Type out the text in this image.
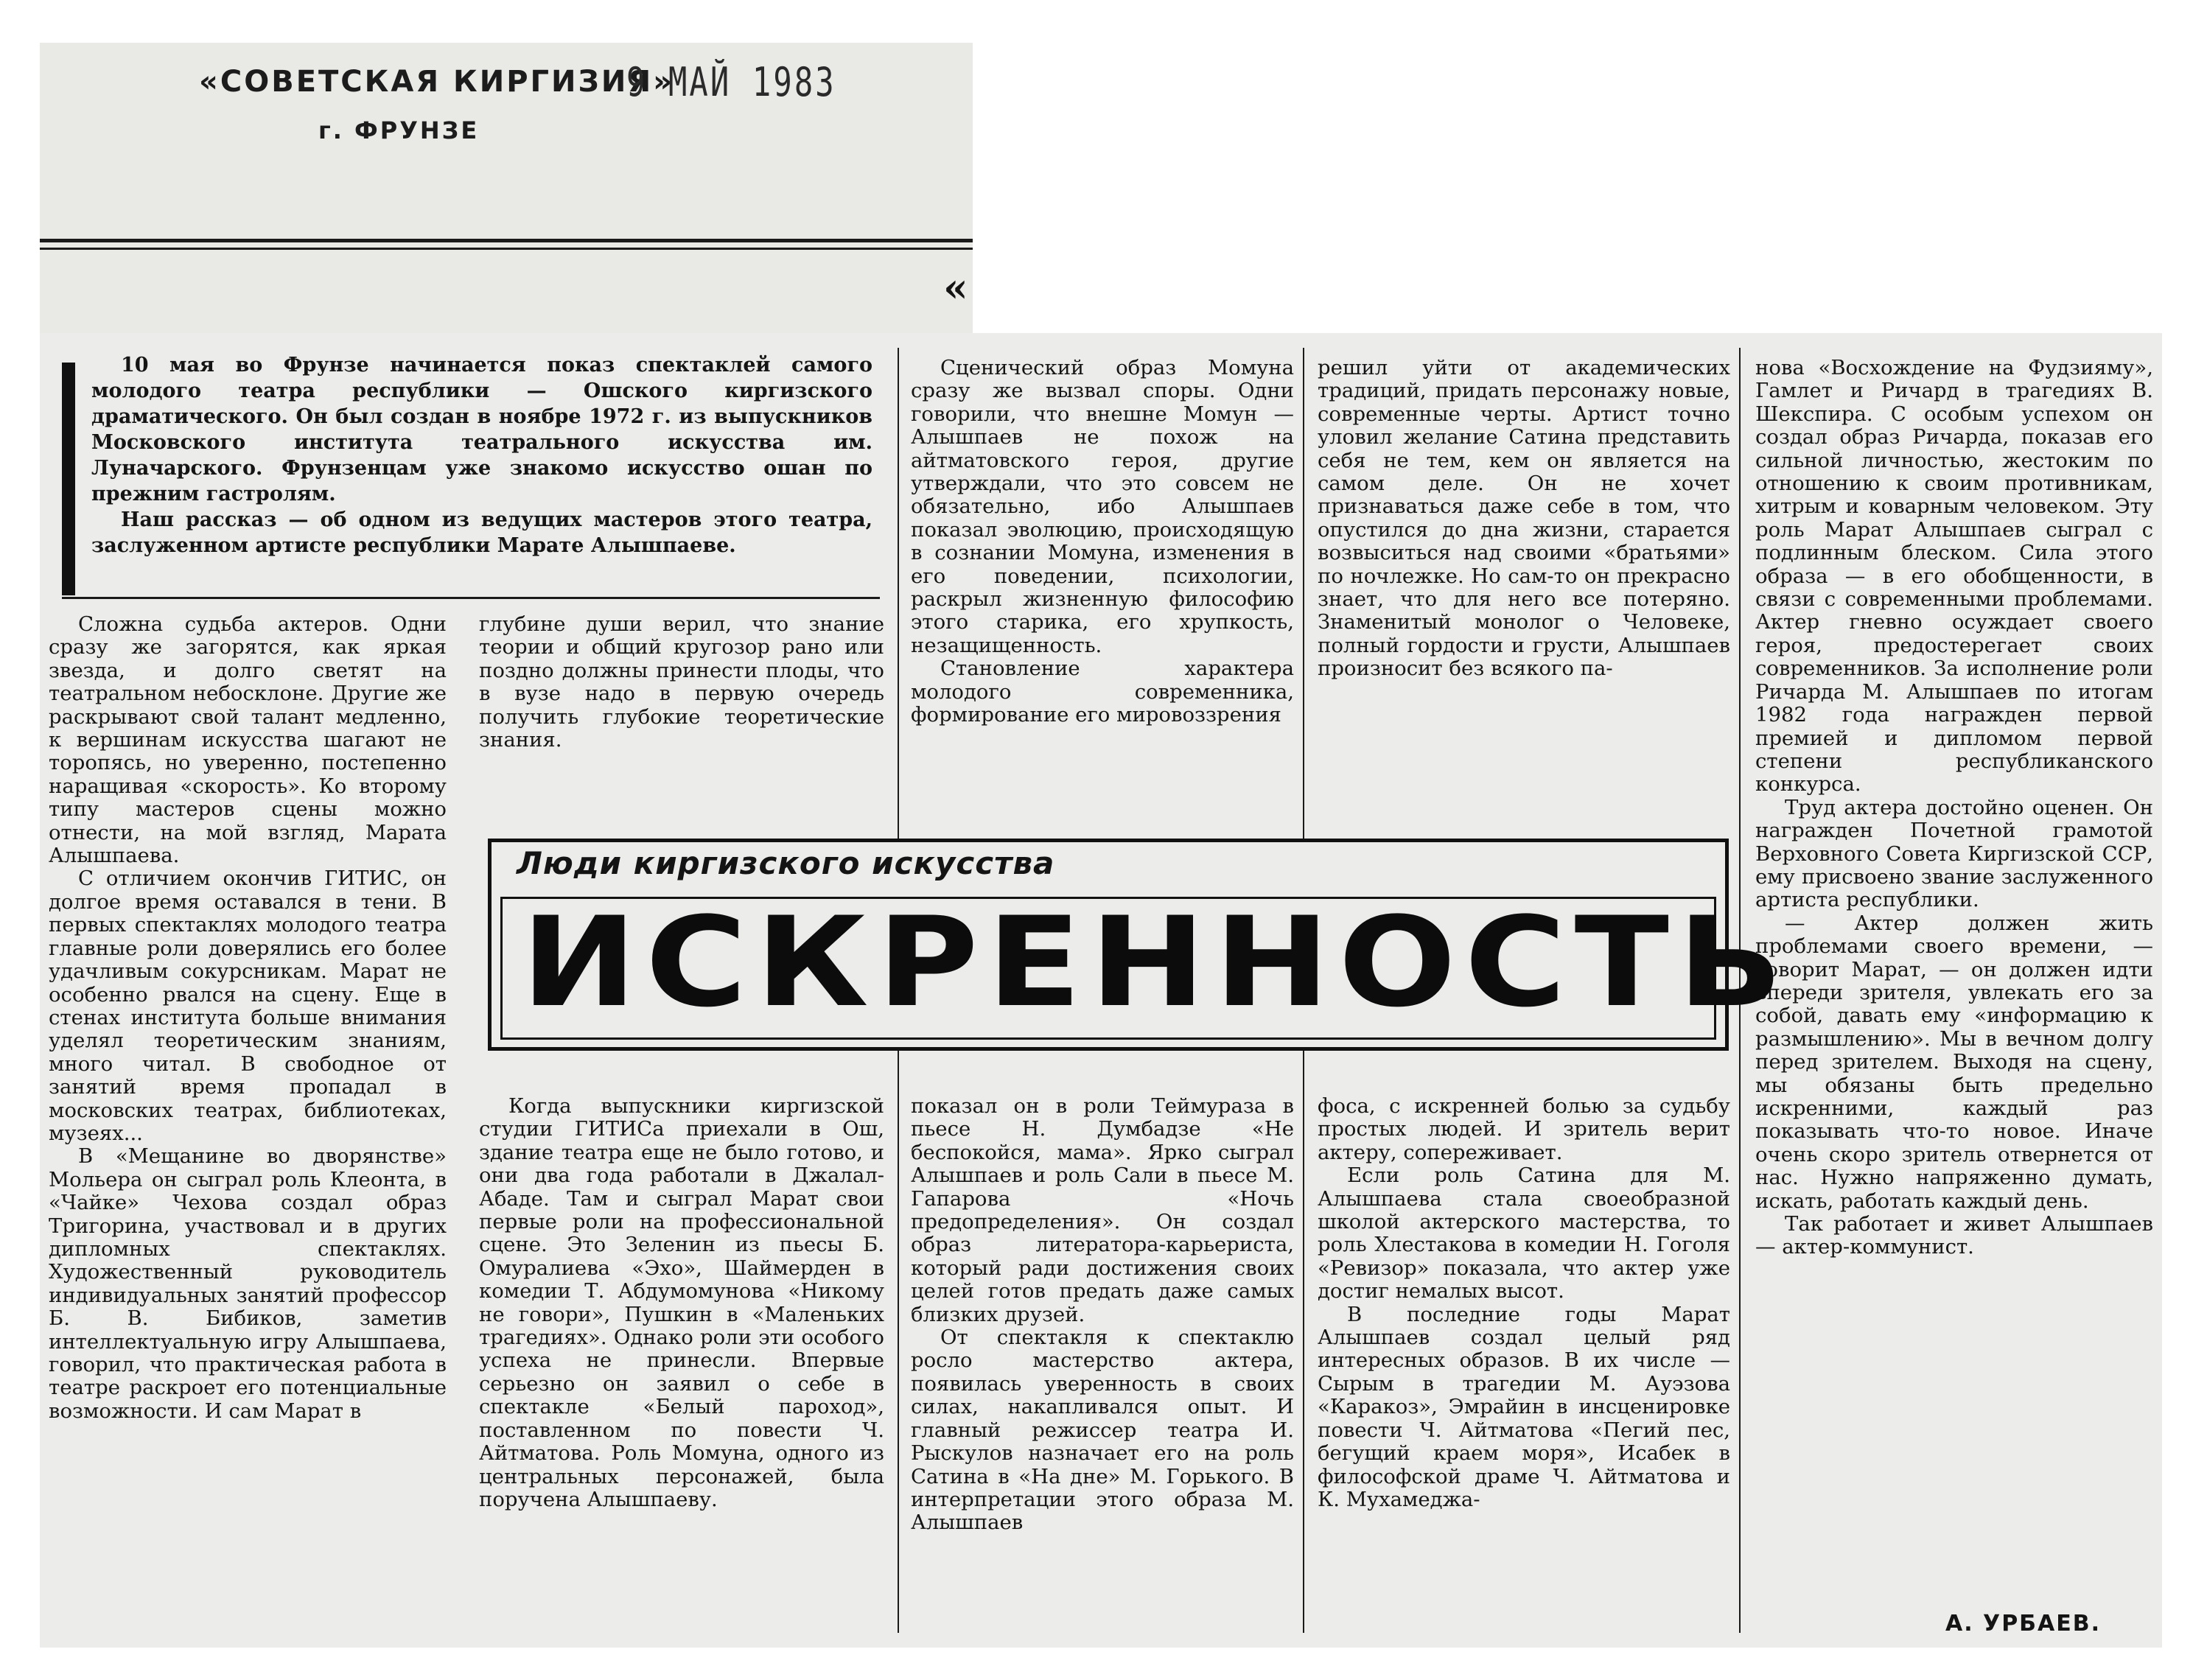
«СОВЕТСКАЯ КИРГИЗИЯ»
г. ФРУНЗЕ
9 МАЙ 1983
«

10 мая во Фрунзе начинается показ спектаклей самого молодого театра республики — Ошского киргизского драматического. Он был создан в ноябре 1972 г. из выпускников Московского института театрального искусства им. Луначарского. Фрунзенцам уже знакомо искусство ошан по прежним гастролям.

Наш рассказ — об одном из ведущих мастеров этого театра, заслуженном артисте республики Марате Алышпаеве.

Сложна судьба актеров. Одни сразу же загорятся, как яркая звезда, и долго светят на театральном небосклоне. Другие же раскрывают свой талант медленно, к вершинам искусства шагают не торопясь, но уверенно, постепенно наращивая «скорость». Ко второму типу мастеров сцены можно отнести, на мой взгляд, Марата Алышпаева.

С отличием окончив ГИТИС, он долгое время оставался в тени. В первых спектаклях молодого театра главные роли доверялись его более удачливым сокурсникам. Марат не особенно рвался на сцену. Еще в стенах института больше внимания уделял теоретическим знаниям, много читал. В свободное от занятий время пропадал в московских театрах, библиотеках, музеях...

В «Мещанине во дворянстве» Мольера он сыграл роль Клеонта, в «Чайке» Чехова создал образ Тригорина, участвовал и в других дипломных спектаклях. Художественный руководитель индивидуальных занятий профессор Б. В. Бибиков, заметив интеллектуальную игру Алышпаева, говорил, что практическая работа в театре раскроет его потенциальные возможности. И сам Марат в

глубине души верил, что знание теории и общий кругозор рано или поздно должны принести плоды, что в вузе надо в первую очередь получить глубокие теоретические знания.

Сценический образ Момуна сразу же вызвал споры. Одни говорили, что внешне Момун — Алышпаев не похож на айтматовского героя, другие утверждали, что это совсем не обязательно, ибо Алышпаев показал эволюцию, происходящую в сознании Момуна, изменения в его поведении, психологии, раскрыл жизненную философию этого старика, его хрупкость, незащищенность.

Становление характера молодого современника, формирование его мировоззрения

решил уйти от академических традиций, придать персонажу новые, современные черты. Артист точно уловил желание Сатина представить себя не тем, кем он является на самом деле. Он не хочет признаваться даже себе в том, что опустился до дна жизни, старается возвыситься над своими «братьями» по ночлежке. Но сам-то он прекрасно знает, что для него все потеряно. Знаменитый монолог о Человеке, полный гордости и грусти, Алышпаев произносит без всякого па-

нова «Восхождение на Фудзияму», Гамлет и Ричард в трагедиях В. Шекспира. С особым успехом он создал образ Ричарда, показав его сильной личностью, жестоким по отношению к своим противникам, хитрым и коварным человеком. Эту роль Марат Алышпаев сыграл с подлинным блеском. Сила этого образа — в его обобщенности, в связи с современными проблемами. Актер гневно осуждает своего героя, предостерегает своих современников. За исполнение роли Ричарда М. Алышпаев по итогам 1982 года награжден первой премией и дипломом первой степени республиканского конкурса.

Труд актера достойно оценен. Он награжден Почетной грамотой Верховного Совета Киргизской ССР, ему присвоено звание заслуженного артиста республики.

— Актер должен жить проблемами своего времени, — говорит Марат, — он должен идти впереди зрителя, увлекать его за собой, давать ему «информацию к размышлению». Мы в вечном долгу перед зрителем. Выходя на сцену, мы обязаны быть предельно искренними, каждый раз показывать что-то новое. Иначе очень скоро зритель отвернется от нас. Нужно напряженно думать, искать, работать каждый день.

Так работает и живет Алышпаев — актер-коммунист.

Люди киргизского искусства
ИСКРЕННОСТЬ

Когда выпускники киргизской студии ГИТИСа приехали в Ош, здание театра еще не было готово, и они два года работали в Джалал-Абаде. Там и сыграл Марат свои первые роли на профессиональной сцене. Это Зеленин из пьесы Б. Омуралиева «Эхо», Шаймерден в комедии Т. Абдумомунова «Никому не говори», Пушкин в «Маленьких трагедиях». Однако роли эти особого успеха не принесли. Впервые серьезно он заявил о себе в спектакле «Белый пароход», поставленном по повести Ч. Айтматова. Роль Момуна, одного из центральных персонажей, была поручена Алышпаеву.

показал он в роли Теймураза в пьесе Н. Думбадзе «Не беспокойся, мама». Ярко сыграл Алышпаев и роль Сали в пьесе М. Гапарова «Ночь предопределения». Он создал образ литератора-карьериста, который ради достижения своих целей готов предать даже самых близких друзей.

От спектакля к спектаклю росло мастерство актера, появилась уверенность в своих силах, накапливался опыт. И главный режиссер театра И. Рыскулов назначает его на роль Сатина в «На дне» М. Горького. В интерпретации этого образа М. Алышпаев

фоса, с искренней болью за судьбу простых людей. И зритель верит актеру, сопереживает.

Если роль Сатина для М. Алышпаева стала своеобразной школой актерского мастерства, то роль Хлестакова в комедии Н. Гоголя «Ревизор» показала, что актер уже достиг немалых высот.

В последние годы Марат Алышпаев создал целый ряд интересных образов. В их числе — Сырым в трагедии М. Ауэзова «Каракоз», Эмрайин в инсценировке повести Ч. Айтматова «Пегий пес, бегущий краем моря», Исабек в философской драме Ч. Айтматова и К. Мухамеджа-

А. УРБАЕВ.
